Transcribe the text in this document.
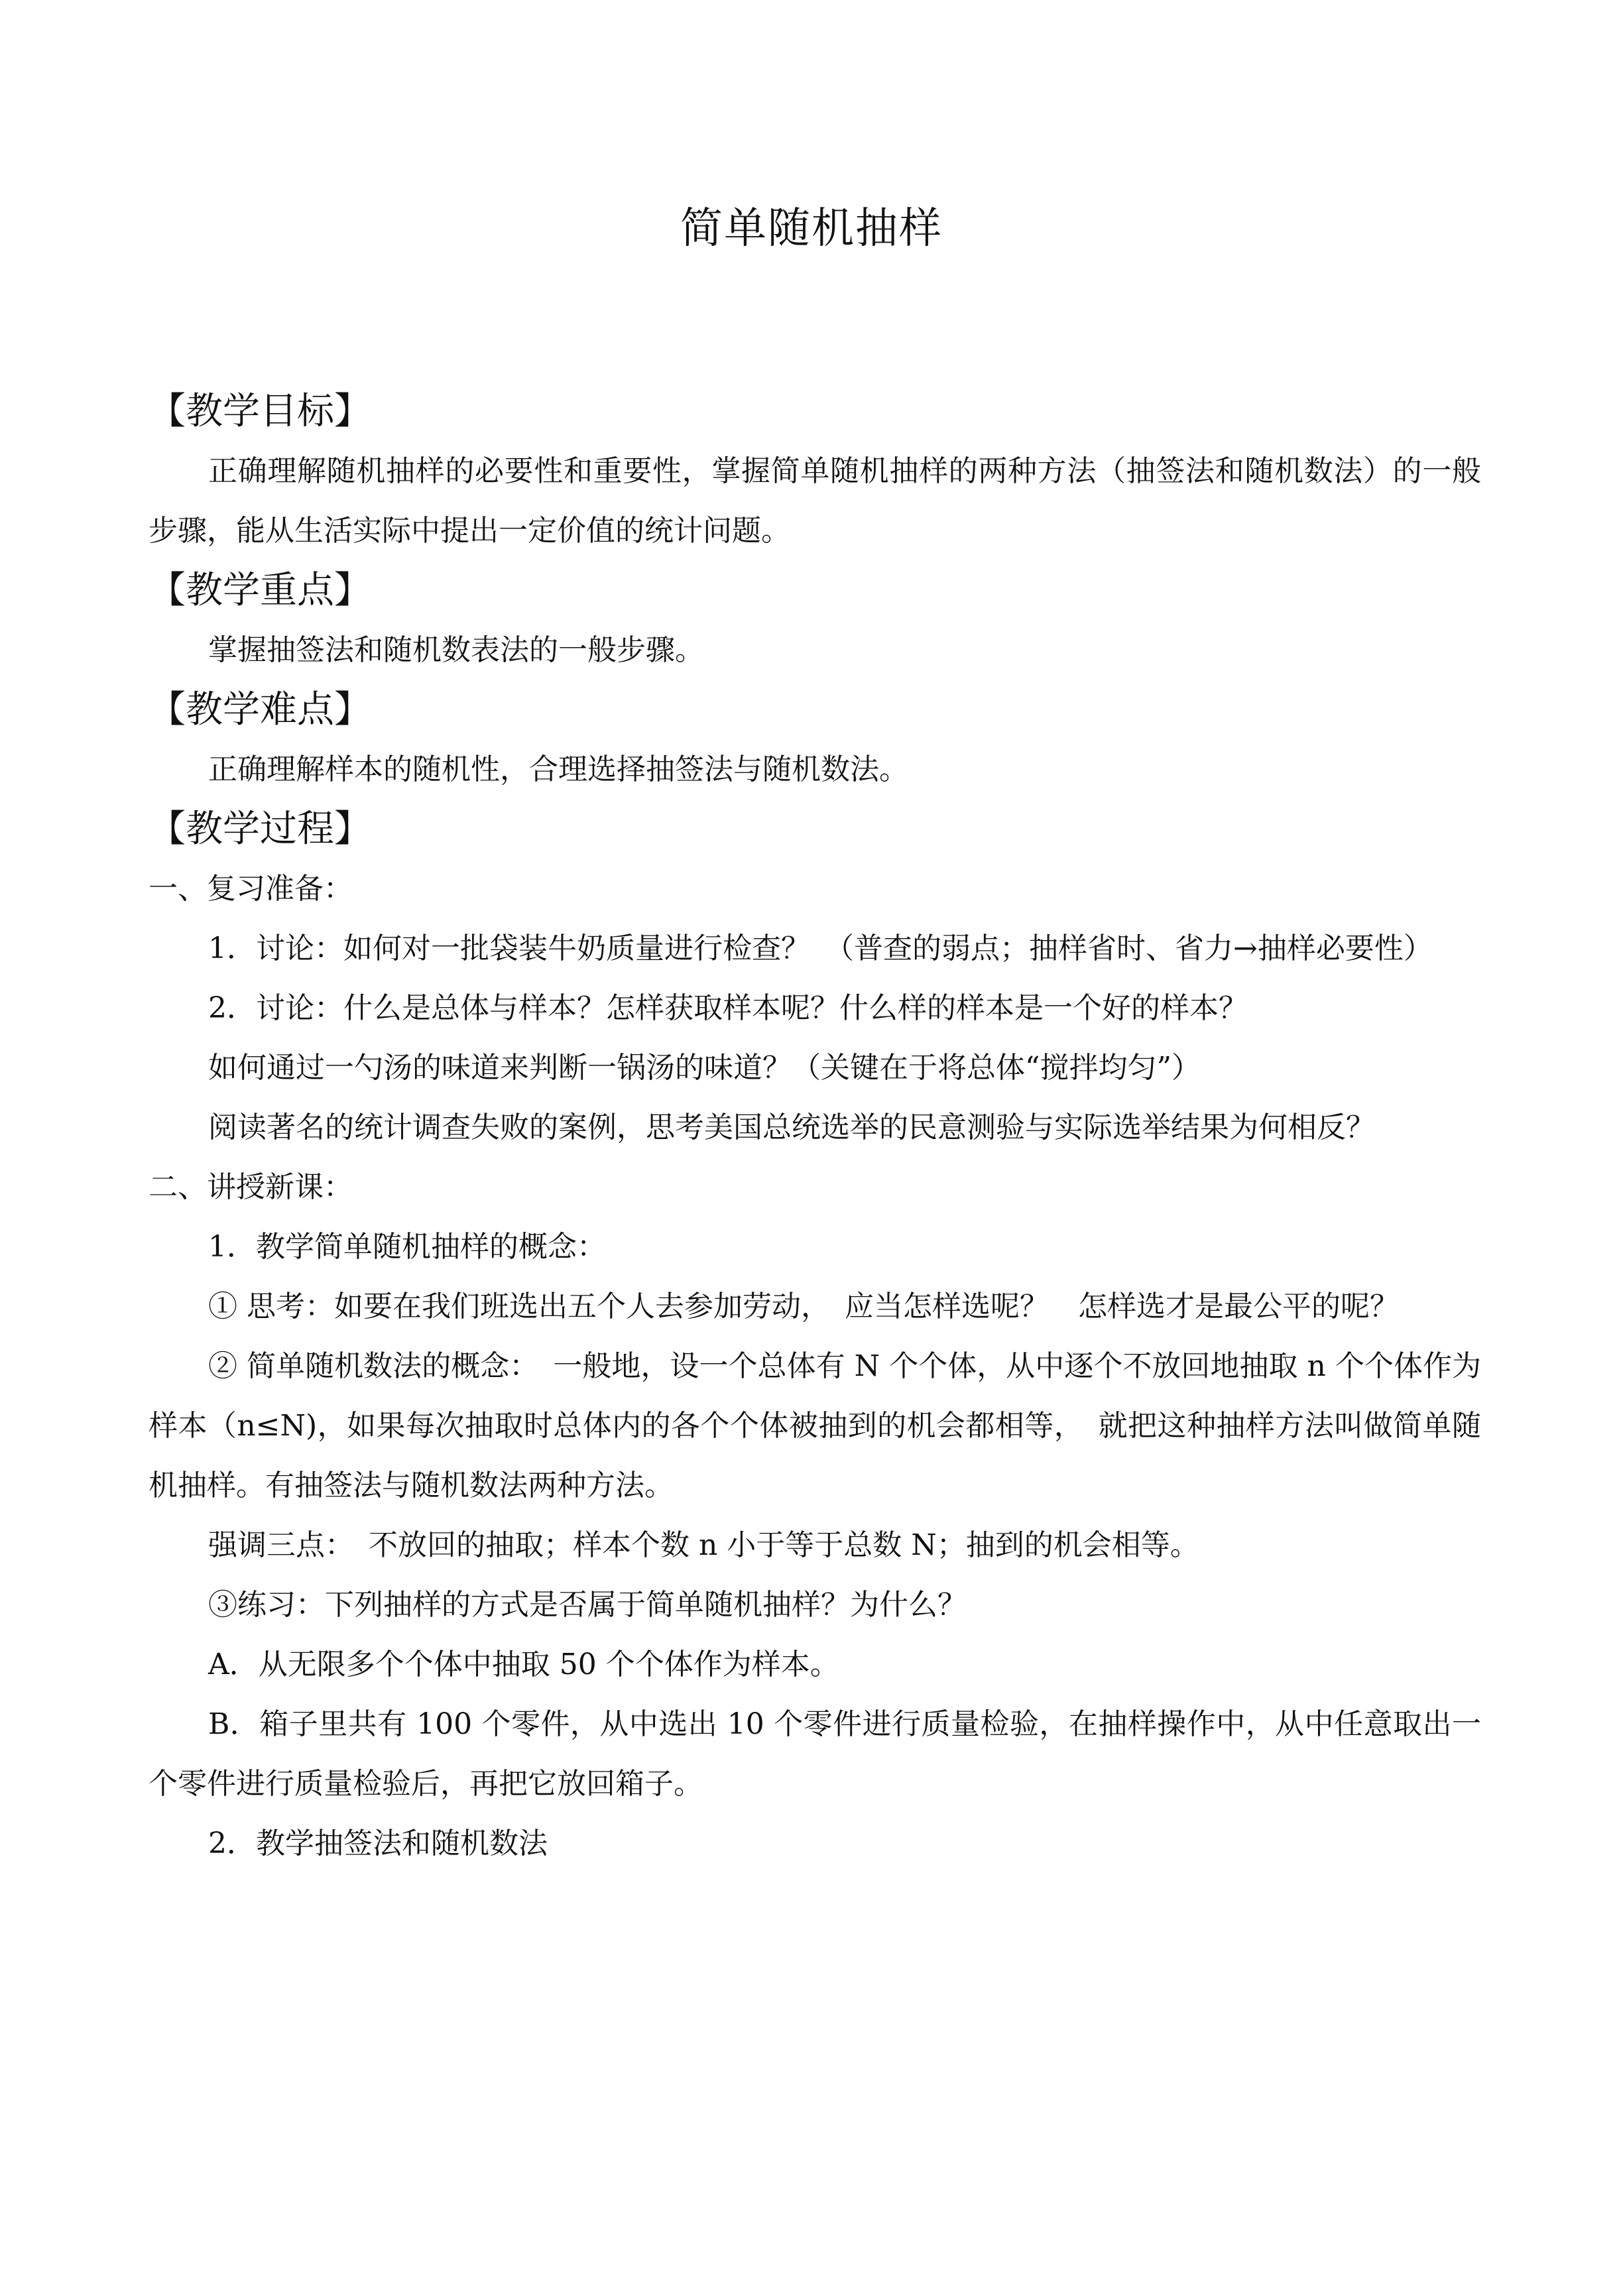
简单随机抽样
【教学目标】

正确理解随机抽样的必要性和重要性，掌握简单随机抽样的两种方法（抽签法和随机数法）的一般步骤，能从生活实际中提出一定价值的统计问题。

【教学重点】

掌握抽签法和随机数表法的一般步骤。

【教学难点】

正确理解样本的随机性，合理选择抽签法与随机数法。

【教学过程】

一、复习准备：

1．讨论：如何对一批袋装牛奶质量进行检查？　（普查的弱点；抽样省时、省力→抽样必要性）

2．讨论：什么是总体与样本？怎样获取样本呢？什么样的样本是一个好的样本？

如何通过一勺汤的味道来判断一锅汤的味道？（关键在于将总体“搅拌均匀”）

阅读著名的统计调查失败的案例，思考美国总统选举的民意测验与实际选举结果为何相反？

二、讲授新课：

1．教学简单随机抽样的概念：

① 思考：如要在我们班选出五个人去参加劳动，　应当怎样选呢？　怎样选才是最公平的呢？

② 简单随机数法的概念：　一般地，设一个总体有 N 个个体，从中逐个不放回地抽取 n 个个体作为样本（n≤N)，如果每次抽取时总体内的各个个体被抽到的机会都相等，　就把这种抽样方法叫做简单随机抽样。有抽签法与随机数法两种方法。

强调三点：　不放回的抽取；样本个数 n 小于等于总数 N；抽到的机会相等。

③练习：下列抽样的方式是否属于简单随机抽样？为什么？

A．从无限多个个体中抽取 50 个个体作为样本。

B．箱子里共有 100 个零件，从中选出 10 个零件进行质量检验，在抽样操作中，从中任意取出一个零件进行质量检验后，再把它放回箱子。

2．教学抽签法和随机数法
